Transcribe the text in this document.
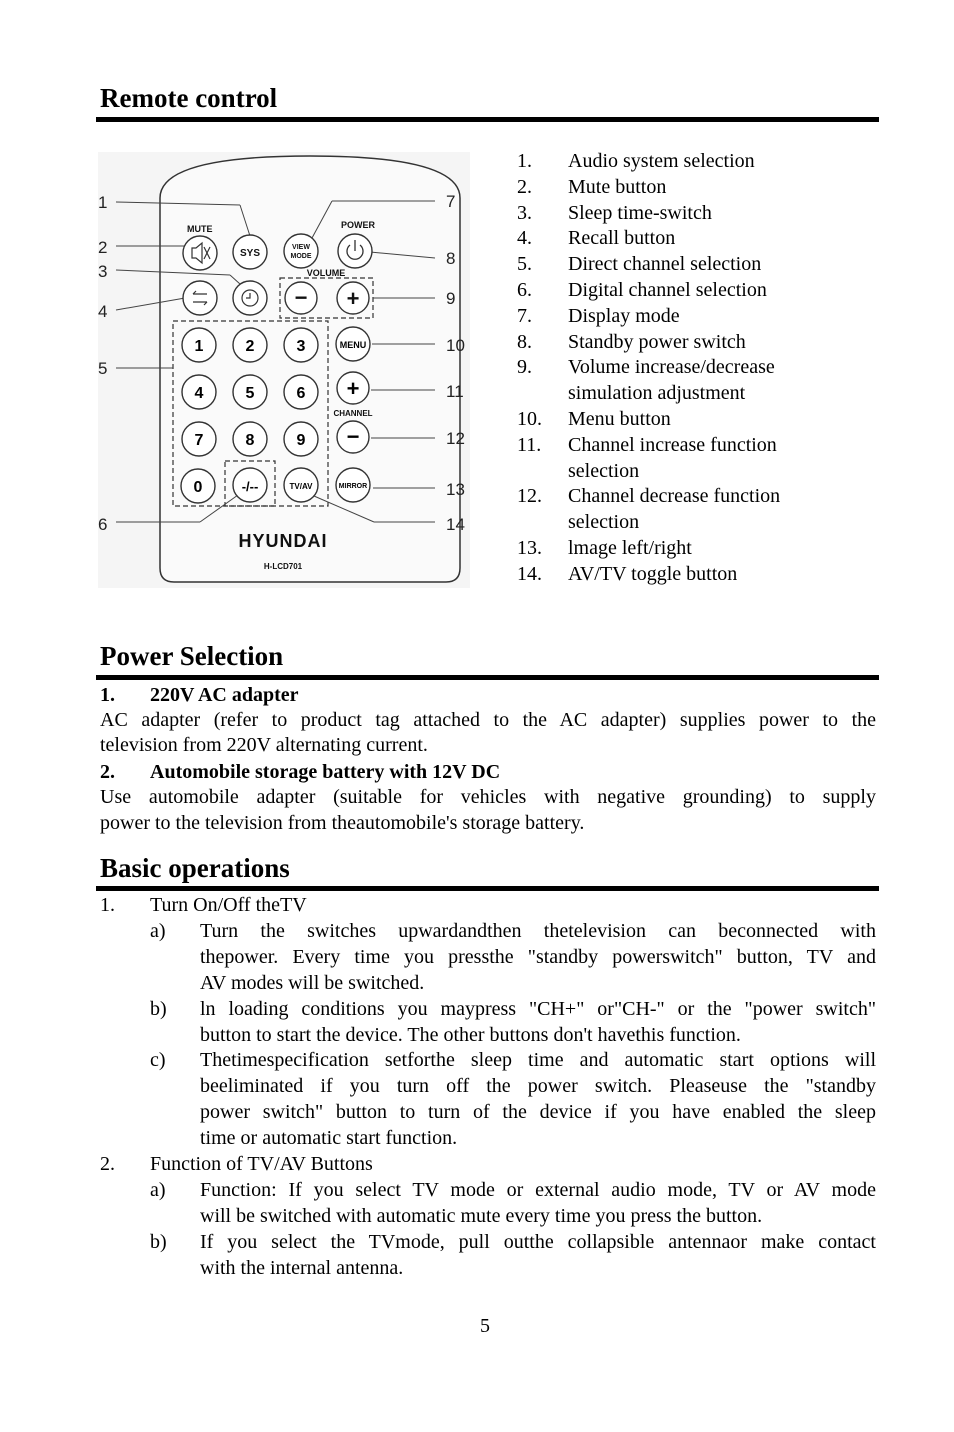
Remote control
1
2
3
4
5
6
7
8
9
10
11
12
13
14
MUTE	POWER
SYS
VIEW
MODE
VOLUME
− +
1	2	3	MENU
4	5	6 +
CHANNEL
7	8	9 −
0	-/--	TV/AV	MIRROR
HYUNDAI
H-LCD701
1. Audio system selection
2. Mute button
3. Sleep time-switch
4. Recall button
5. Direct channel selection
6. Digital channel selection
7. Display mode
8. Standby power switch
9. Volume increase/decrease
simulation adjustment
10. Menu button
11. Channel increase function
selection
12. Channel decrease function
selection
13. lmage left/right
14. AV/TV toggle button
Power Selection
1. 220V AC adapter
AC adapter (refer to product tag attached to the AC adapter) supplies power to the
television from 220V alternating current.
2. Automobile storage battery with 12V DC
Use automobile adapter (suitable for vehicles with negative grounding) to supply
power to the television from theautomobile's storage battery.
Basic operations
1. Turn On/Off theTV
a) Turn the switches upwardandthen thetelevision can beconnected with
thepower. Every time you pressthe "standby powerswitch" button, TV and
AV modes will be switched.
b) ln loading conditions you maypress "CH+" or"CH-" or the "power switch"
button to start the device. The other buttons don't havethis function.
c) Thetimespecification setforthe sleep time and automatic start options will
beeliminated if you turn off the power switch. Pleaseuse the "standby
power switch" button to turn of the device if you have enabled the sleep
time or automatic start function.
2. Function of TV/AV Buttons
a) Function: If you select TV mode or external audio mode, TV or AV mode
will be switched with automatic mute every time you press the button.
b) If you select the TVmode, pull outthe collapsible antennaor make contact
with the internal antenna.
5
